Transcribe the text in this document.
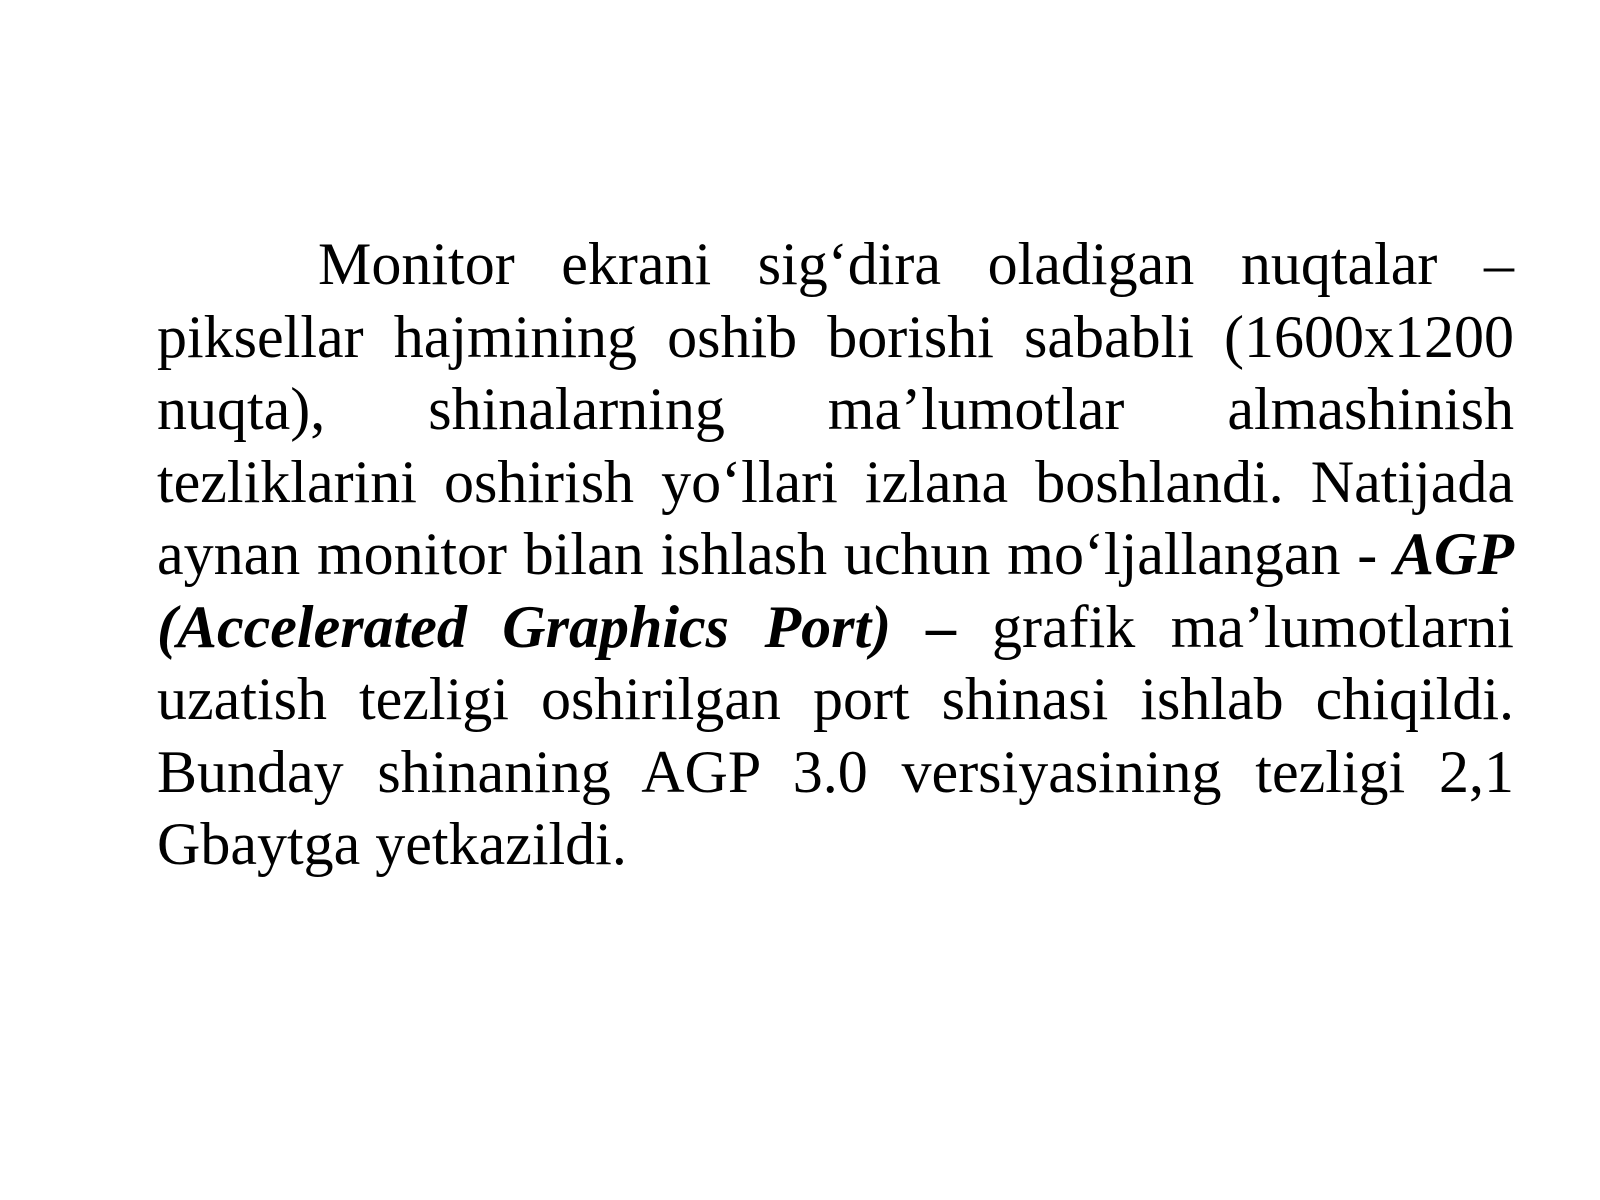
Monitor ekrani sig‘dira oladigan nuqtalar – piksellar hajmining oshib borishi sababli (1600x1200 nuqta), shinalarning ma’lumotlar almashinish tezliklarini oshirish yo‘llari izlana boshlandi. Natijada aynan monitor bilan ishlash uchun mo‘ljallangan - AGP (Accelerated Graphics Port) – grafik ma’lumotlarni uzatish tezligi oshirilgan port shinasi ishlab chiqildi. Bunday shinaning AGP 3.0 versiyasining tezligi 2,1 Gbaytga yetkazildi.
